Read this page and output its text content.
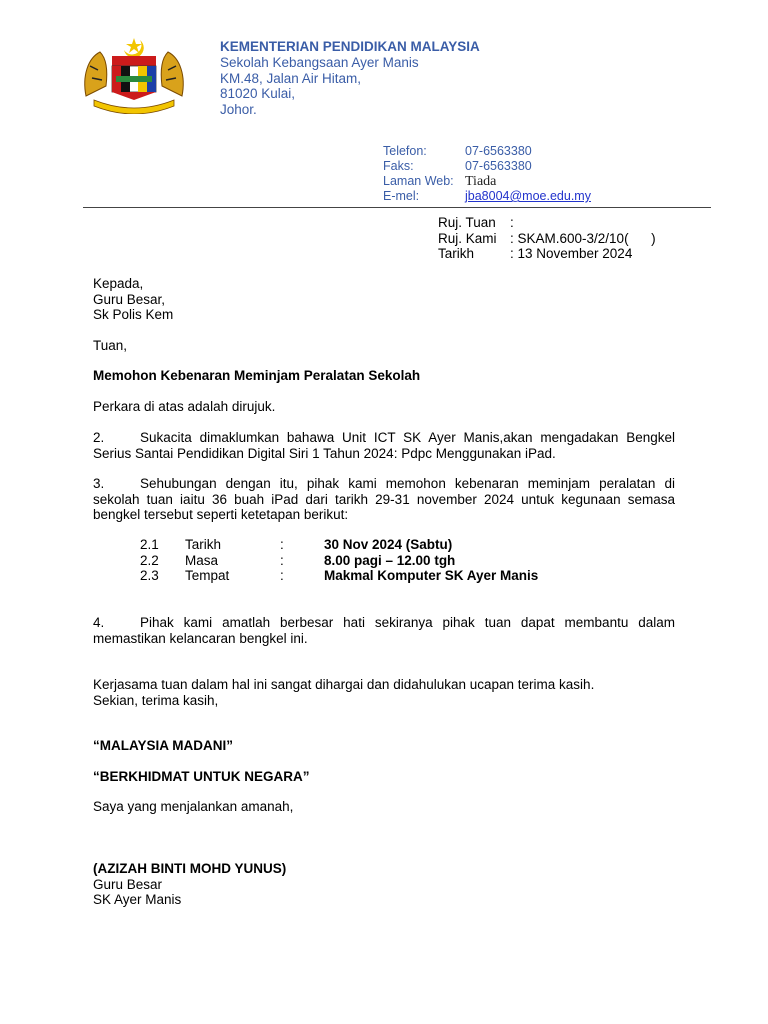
KEMENTERIAN PENDIDIKAN MALAYSIA
Sekolah Kebangsaan Ayer Manis
KM.48, Jalan Air Hitam,
81020 Kulai,
Johor.
Telefon:	07-6563380
Faks:	07-6563380
Laman Web: Tiada
E-mel:	jba8004@moe.edu.my
Ruj. Tuan	:
Ruj. Kami : SKAM.600-3/2/10(      )
Tarikh	: 13 November 2024
Kepada,
Guru Besar,
Sk Polis Kem
Tuan,
Memohon Kebenaran Meminjam Peralatan Sekolah
Perkara di atas adalah dirujuk.
2.	Sukacita dimaklumkan bahawa Unit ICT SK Ayer Manis,akan mengadakan Bengkel Serius Santai Pendidikan Digital Siri 1 Tahun 2024: Pdpc Menggunakan iPad.
3.	Sehubungan dengan itu, pihak kami memohon kebenaran meminjam peralatan di sekolah tuan iaitu 36 buah iPad dari tarikh 29-31 november 2024 untuk kegunaan semasa bengkel tersebut seperti ketetapan berikut:
2.1	Tarikh	:	30 Nov 2024 (Sabtu)
2.2	Masa	:	8.00 pagi – 12.00 tgh
2.3	Tempat	:	Makmal Komputer SK Ayer Manis
4.	Pihak kami amatlah berbesar hati sekiranya pihak tuan dapat membantu dalam memastikan kelancaran bengkel ini.
Kerjasama tuan dalam hal ini sangat dihargai dan didahulukan ucapan terima kasih.
Sekian, terima kasih,
“MALAYSIA MADANI”
“BERKHIDMAT UNTUK NEGARA”
Saya yang menjalankan amanah,
(AZIZAH BINTI MOHD YUNUS)
Guru Besar
SK Ayer Manis
